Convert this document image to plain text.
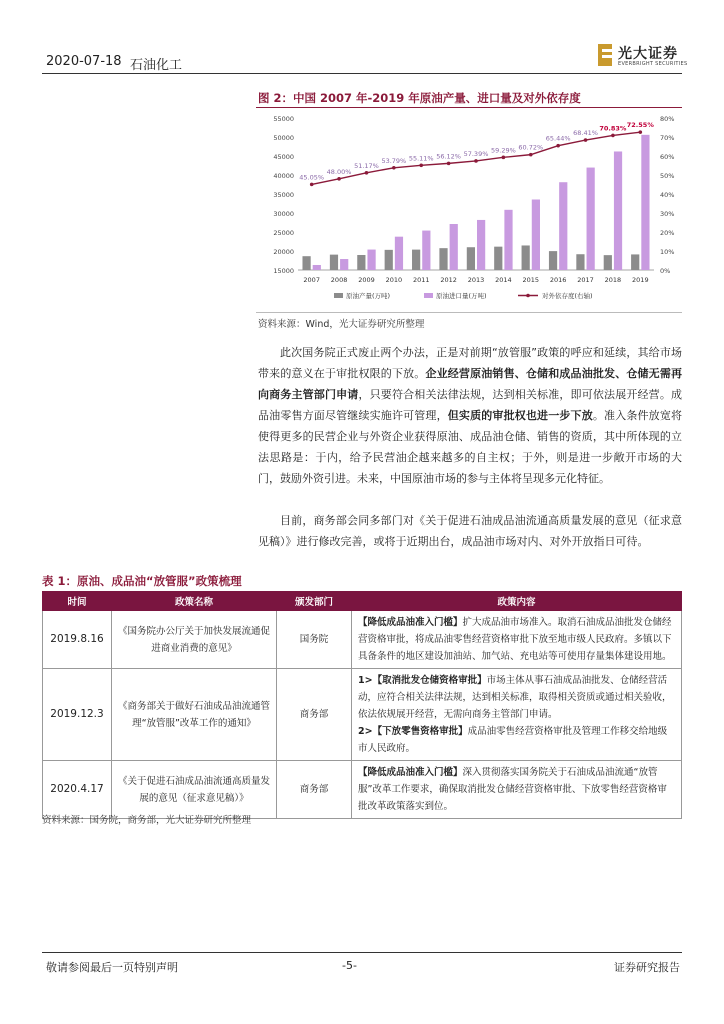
2020-07-18 石油化工
光大证券
EVERBRIGHT SECURITIES
图 2：中国 2007 年-2019 年原油产量、进口量及对外依存度
15000
20000
25000
30000
35000
40000
45000
50000
55000
0%
10%
20%
30%
40%
50%
60%
70%
80%
2007 2008 2009 2010 2011 2012 2013 2014 2015 2016 2017 2018 2019
45.05%
48.00%
51.17%
53.79% 55.11% 56.12% 57.39% 59.29% 60.72%
65.44%
68.41%
70.83% 72.55%
原油产量(万吨)	原油进口量(万吨)	对外依存度(右轴)
资料来源：Wind，光大证券研究所整理
此次国务院正式废止两个办法，正是对前期“放管服”政策的呼应和延续，其给市场带来的意义在于审批权限的下放。企业经营原油销售、仓储和成品油批发、仓储无需再向商务主管部门申请，只要符合相关法律法规，达到相关标准，即可依法展开经营。成品油零售方面尽管继续实施许可管理，但实质的审批权也进一步下放。准入条件放宽将使得更多的民营企业与外资企业获得原油、成品油仓储、销售的资质，其中所体现的立法思路是：于内，给予民营油企越来越多的自主权；于外，则是进一步敞开市场的大门，鼓励外资引进。未来，中国原油市场的参与主体将呈现多元化特征。
目前，商务部会同多部门对《关于促进石油成品油流通高质量发展的意见（征求意见稿）》进行修改完善，或将于近期出台，成品油市场对内、对外开放指日可待。
表 1：原油、成品油“放管服”政策梳理
时间	政策名称	颁发部门	政策内容
2019.8.16	《国务院办公厅关于加快发展流通促进商业消费的意见》	国务院	【降低成品油准入门槛】扩大成品油市场准入。取消石油成品油批发仓储经营资格审批，将成品油零售经营资格审批下放至地市级人民政府。多镇以下具备条件的地区建设加油站、加气站、充电站等可使用存量集体建设用地。
2019.12.3	《商务部关于做好石油成品油流通管理“放管服”改革工作的通知》	商务部	1>【取消批发仓储资格审批】市场主体从事石油成品油批发、仓储经营活动，应符合相关法律法规，达到相关标准，取得相关资质或通过相关验收，依法依规展开经营，无需向商务主管部门申请。
2>【下放零售资格审批】成品油零售经营资格审批及管理工作移交给地级市人民政府。
2020.4.17	《关于促进石油成品油流通高质量发展的意见（征求意见稿）》	商务部	【降低成品油准入门槛】深入贯彻落实国务院关于石油成品油流通“放管服”改革工作要求，确保取消批发仓储经营资格审批、下放零售经营资格审批改革政策落实到位。
资料来源：国务院，商务部，光大证券研究所整理
敬请参阅最后一页特别声明	-5-	证券研究报告
